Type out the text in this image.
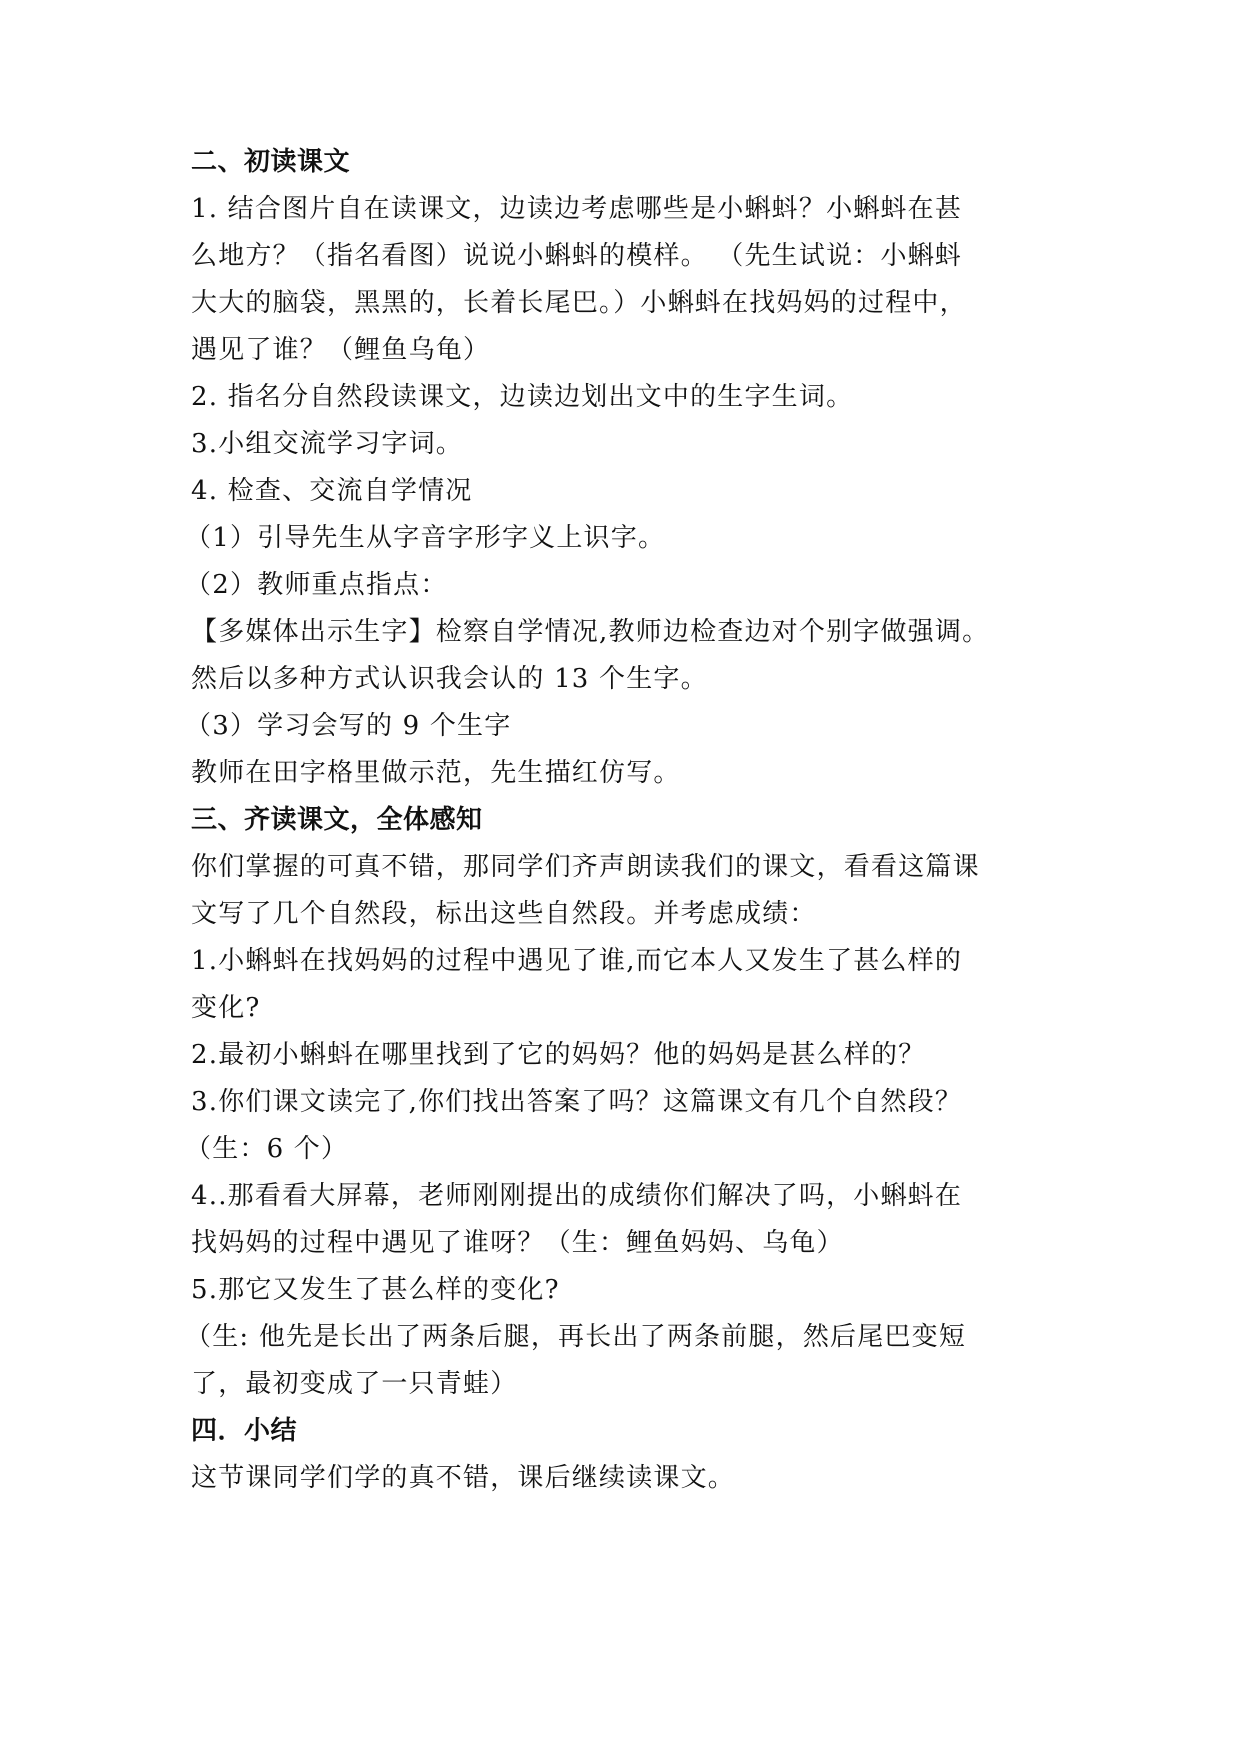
二、初读课文
1. 结合图片自在读课文，边读边考虑哪些是小蝌蚪？小蝌蚪在甚
么地方？（指名看图）说说小蝌蚪的模样。 （先生试说：小蝌蚪
大大的脑袋，黑黑的，长着长尾巴。）小蝌蚪在找妈妈的过程中，
遇见了谁？（鲤鱼乌龟）
2. 指名分自然段读课文，边读边划出文中的生字生词。
3.小组交流学习字词。
4. 检查、交流自学情况
（1）引导先生从字音字形字义上识字。
（2）教师重点指点：
【多媒体出示生字】检察自学情况,教师边检查边对个别字做强调。
然后以多种方式认识我会认的 13 个生字。
（3）学习会写的 9 个生字
教师在田字格里做示范，先生描红仿写。
三、齐读课文，全体感知
你们掌握的可真不错，那同学们齐声朗读我们的课文，看看这篇课
文写了几个自然段，标出这些自然段。并考虑成绩：
1.小蝌蚪在找妈妈的过程中遇见了谁,而它本人又发生了甚么样的
变化?
2.最初小蝌蚪在哪里找到了它的妈妈？他的妈妈是甚么样的？
3.你们课文读完了,你们找出答案了吗？这篇课文有几个自然段？
（生：6 个）
4..那看看大屏幕，老师刚刚提出的成绩你们解决了吗，小蝌蚪在
找妈妈的过程中遇见了谁呀？（生：鲤鱼妈妈、乌龟）
5.那它又发生了甚么样的变化?
（生: 他先是长出了两条后腿，再长出了两条前腿，然后尾巴变短
了，最初变成了一只青蛙）
四．小结
这节课同学们学的真不错，课后继续读课文。
